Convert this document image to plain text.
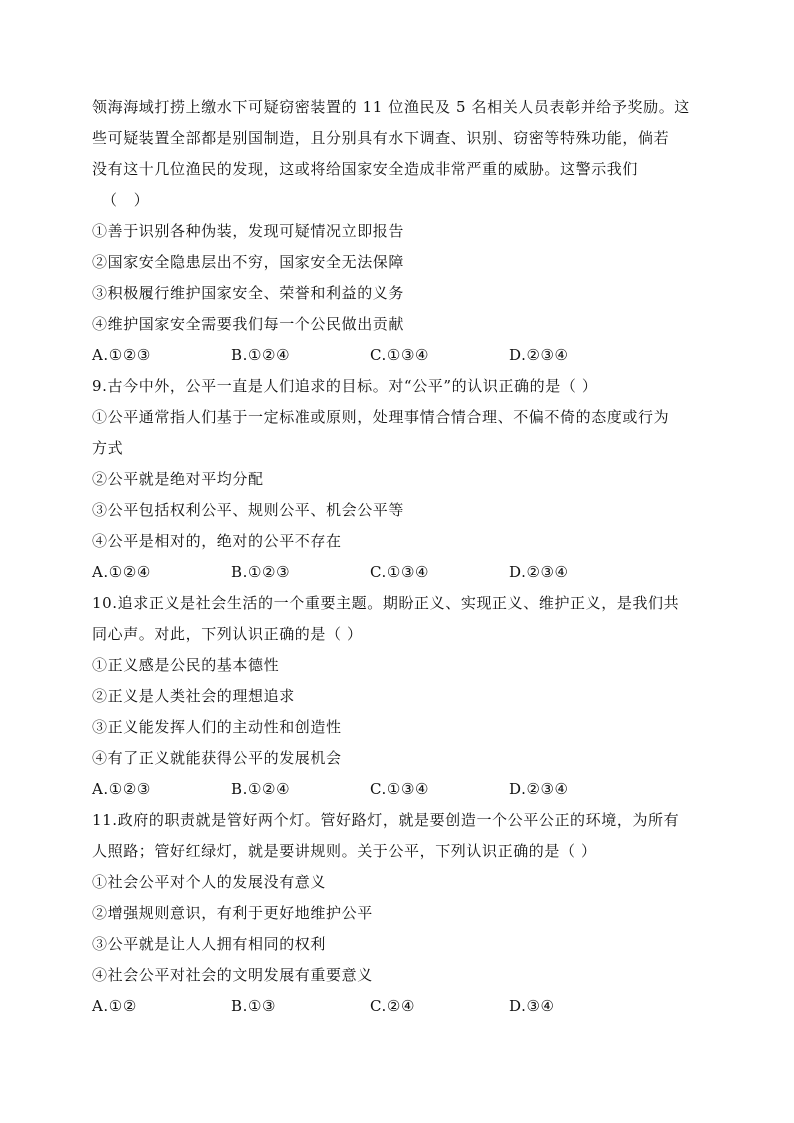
领海海域打捞上缴水下可疑窃密装置的 11 位渔民及 5 名相关人员表彰并给予奖励。这
些可疑装置全部都是别国制造，且分别具有水下调查、识别、窃密等特殊功能，倘若
没有这十几位渔民的发现，这或将给国家安全造成非常严重的威胁。这警示我们
（   ）
①善于识别各种伪装，发现可疑情况立即报告
②国家安全隐患层出不穷，国家安全无法保障
③积极履行维护国家安全、荣誉和利益的义务
④维护国家安全需要我们每一个公民做出贡献
A.①②③	B.①②④	C.①③④	D.②③④
9.古今中外，公平一直是人们追求的目标。对“公平”的认识正确的是（ ）
①公平通常指人们基于一定标准或原则，处理事情合情合理、不偏不倚的态度或行为
方式
②公平就是绝对平均分配
③公平包括权利公平、规则公平、机会公平等
④公平是相对的，绝对的公平不存在
A.①②④	B.①②③	C.①③④	D.②③④
10.追求正义是社会生活的一个重要主题。期盼正义、实现正义、维护正义，是我们共
同心声。对此，下列认识正确的是（ ）
①正义感是公民的基本德性
②正义是人类社会的理想追求
③正义能发挥人们的主动性和创造性
④有了正义就能获得公平的发展机会
A.①②③	B.①②④	C.①③④	D.②③④
11.政府的职责就是管好两个灯。管好路灯，就是要创造一个公平公正的环境，为所有
人照路；管好红绿灯，就是要讲规则。关于公平，下列认识正确的是（ ）
①社会公平对个人的发展没有意义
②增强规则意识，有利于更好地维护公平
③公平就是让人人拥有相同的权利
④社会公平对社会的文明发展有重要意义
A.①②	B.①③	C.②④	D.③④
